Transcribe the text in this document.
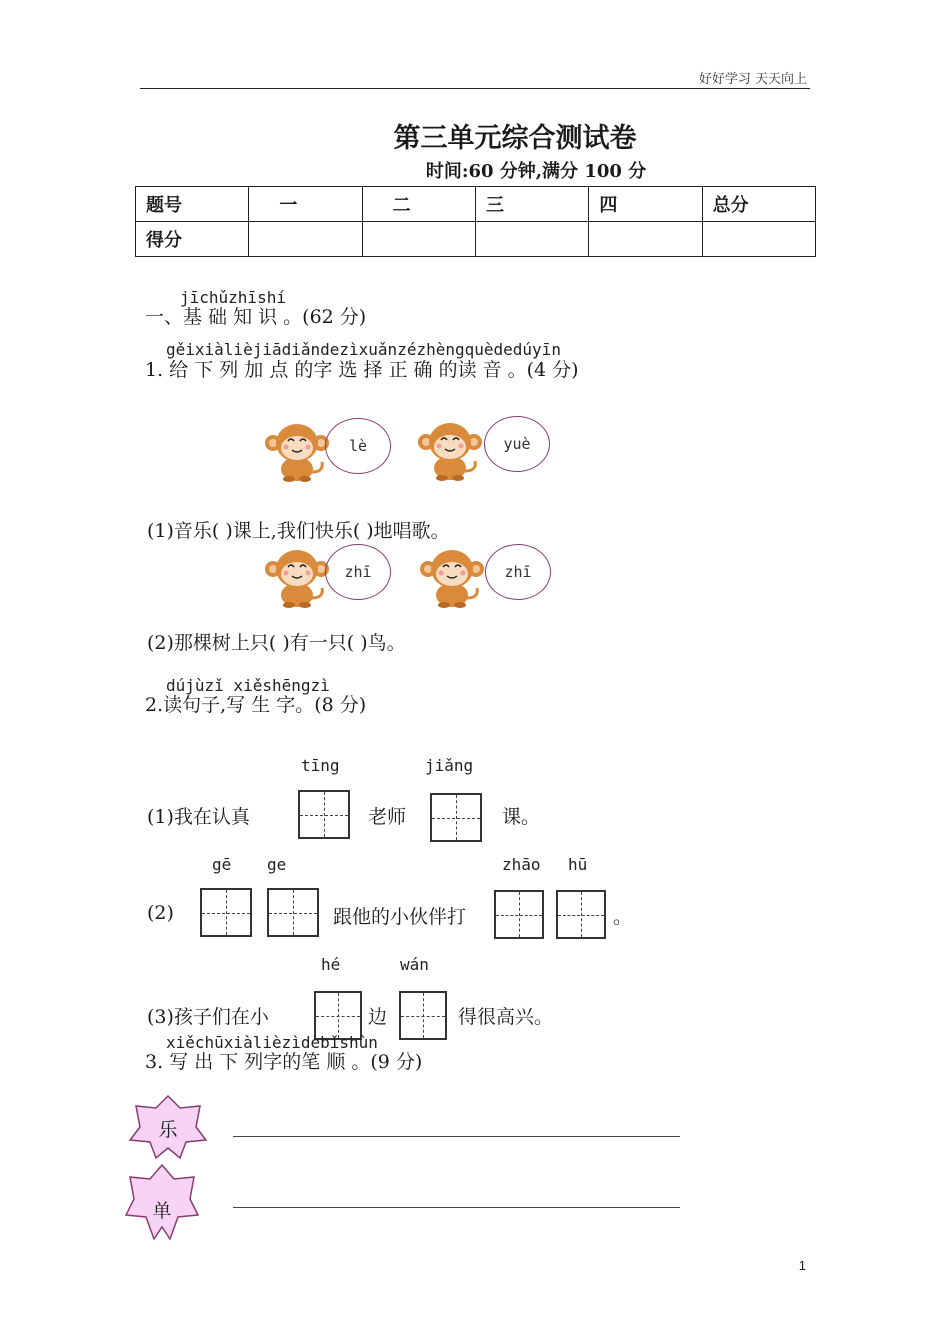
好好学习 天天向上
第三单元综合测试卷
时间:60 分钟,满分 100 分
题号	一	二	三	四	总分
得分					
jīchǔzhīshí
一、基 础 知 识 。(62 分)
gěixiàlièjiādiǎndezìxuǎnzézhèngquèdedúyīn
1. 给 下 列 加 点 的字 选 择 正 确 的读 音 。(4 分)
lè	yuè
(1)音乐( )课上,我们快乐( )地唱歌。
zhī	zhī
(2)那棵树上只( )有一只( )鸟。
dújùzǐ xiěshēngzì
2.读句子,写 生 字。(8 分)
tīng	jiǎng
(1)我在认真	老师	课。
gē ge	zhāo hū
(2)	跟他的小伙伴打	。
hé	wán
(3)孩子们在小	边	得很高兴。
xiěchūxiàlièzìdebǐshùn
3. 写 出 下 列字的笔 顺 。(9 分)
乐
单
1
